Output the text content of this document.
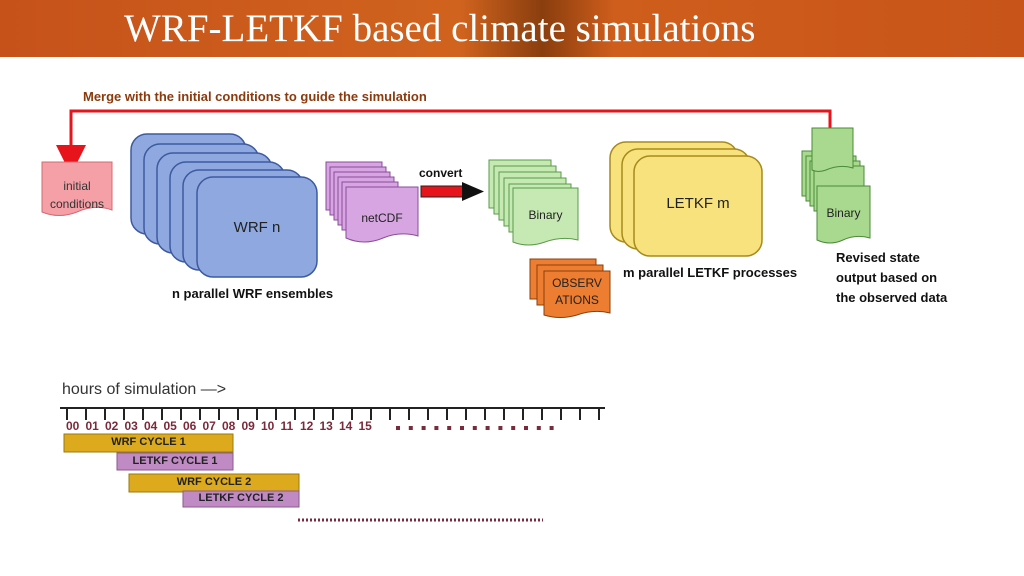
WRF-LETKF based climate simulations
Merge with the initial conditions to guide the simulation
initial
conditions
WRF n
netCDF
convert
Binary
LETKF m
Binary
OBSERV
ATIONS
n parallel WRF ensembles
m parallel LETKF processes
Revised state
output based on
the observed data
hours of simulation —>
00 01 02 03 04 05 06 07 08 09 10 11 12 13 14 15
WRF CYCLE 1
LETKF CYCLE 1
WRF CYCLE 2
LETKF CYCLE 2
